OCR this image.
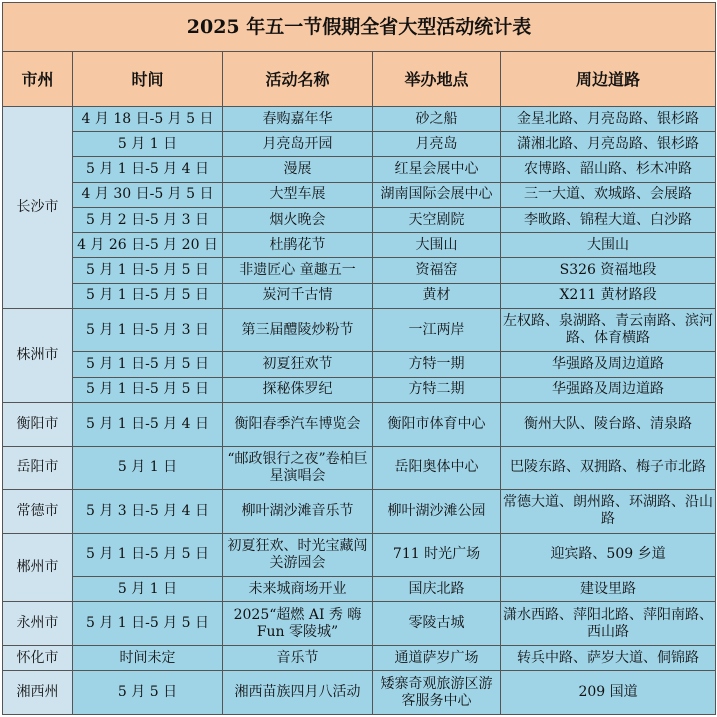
2025 年五一节假期全省大型活动统计表				
市州	时间	活动名称	举办地点	周边道路
长沙市	4 月 18 日-5 月 5 日	春购嘉年华	砂之船	金星北路、月亮岛路、银杉路
	5 月 1 日	月亮岛开园	月亮岛	潇湘北路、月亮岛路、银杉路
	5 月 1 日-5 月 4 日	漫展	红星会展中心	农博路、韶山路、杉木冲路
	4 月 30 日-5 月 5 日	大型车展	湖南国际会展中心	三一大道、欢城路、会展路
	5 月 2 日-5 月 3 日	烟火晚会	天空剧院	李畋路、锦程大道、白沙路
	4 月 26 日-5 月 20 日	杜鹃花节	大围山	大围山
	5 月 1 日-5 月 5 日	非遗匠心 童趣五一	资福窑	S326 资福地段
	5 月 1 日-5 月 5 日	炭河千古情	黄材	X211 黄材路段
株洲市	5 月 1 日-5 月 3 日	第三届醴陵炒粉节	一江两岸	左权路、泉湖路、青云南路、滨河路、体育横路
	5 月 1 日-5 月 5 日	初夏狂欢节	方特一期	华强路及周边道路
	5 月 1 日-5 月 5 日	探秘侏罗纪	方特二期	华强路及周边道路
衡阳市	5 月 1 日-5 月 4 日	衡阳春季汽车博览会	衡阳市体育中心	衡州大队、陵台路、清泉路
岳阳市	5 月 1 日	“邮政银行之夜”卷柏巨星演唱会	岳阳奥体中心	巴陵东路、双拥路、梅子市北路
常德市	5 月 3 日-5 月 4 日	柳叶湖沙滩音乐节	柳叶湖沙滩公园	常德大道、朗州路、环湖路、沿山路
郴州市	5 月 1 日-5 月 5 日	初夏狂欢、时光宝藏闯关游园会	711 时光广场	迎宾路、509 乡道
	5 月 1 日	未来城商场开业	国庆北路	建设里路
永州市	5 月 1 日-5 月 5 日	2025“超燃 AI 秀 嗨 Fun 零陵城”	零陵古城	潇水西路、萍阳北路、萍阳南路、西山路
怀化市	时间未定	音乐节	通道萨岁广场	转兵中路、萨岁大道、侗锦路
湘西州	5 月 5 日	湘西苗族四月八活动	矮寨奇观旅游区游客服务中心	209 国道
